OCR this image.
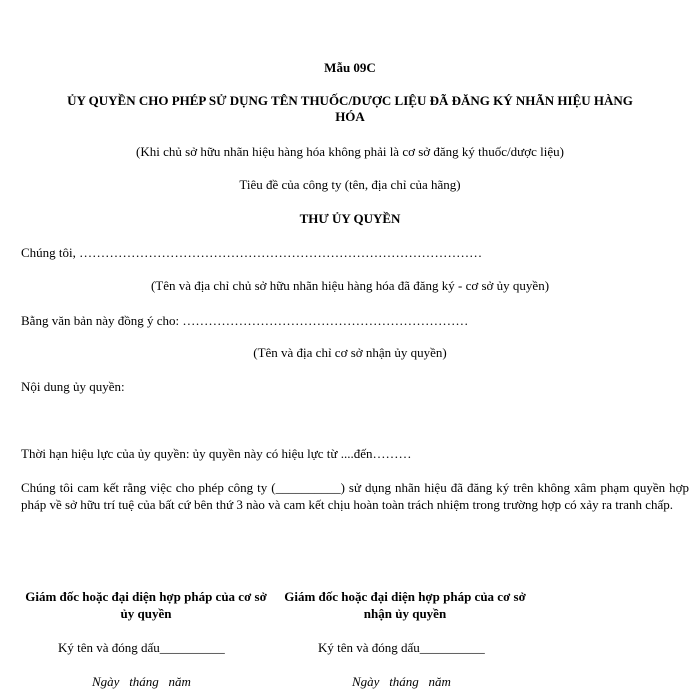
Mẫu 09C
ỦY QUYỀN CHO PHÉP SỬ DỤNG TÊN THUỐC/DƯỢC LIỆU ĐÃ ĐĂNG KÝ NHÃN HIỆU HÀNG
HÓA
(Khi chủ sở hữu nhãn hiệu hàng hóa không phải là cơ sở đăng ký thuốc/dược liệu)
Tiêu đề của công ty (tên, địa chỉ của hãng)
THƯ ỦY QUYỀN
Chúng tôi, …………………………………………………………………………………
(Tên và địa chỉ chủ sở hữu nhãn hiệu hàng hóa đã đăng ký - cơ sở ủy quyền)
Bằng văn bản này đồng ý cho: …………………………………………………………
(Tên và địa chỉ cơ sở nhận ủy quyền)
Nội dung ủy quyền:
Thời hạn hiệu lực của ủy quyền: ủy quyền này có hiệu lực từ ....đến………
Chúng tôi cam kết rằng việc cho phép công ty (__________) sử dụng nhãn hiệu đã đăng ký trên không xâm phạm quyền hợp pháp về sở hữu trí tuệ của bất cứ bên thứ 3 nào và cam kết chịu hoàn toàn trách nhiệm trong trường hợp có xảy ra tranh chấp.
Giám đốc hoặc đại diện hợp pháp của cơ sở ủy quyền
Giám đốc hoặc đại diện hợp pháp của cơ sở nhận ủy quyền
Ký tên và đóng dấu__________	Ký tên và đóng dấu__________
Ngày   tháng   năm	Ngày   tháng   năm
